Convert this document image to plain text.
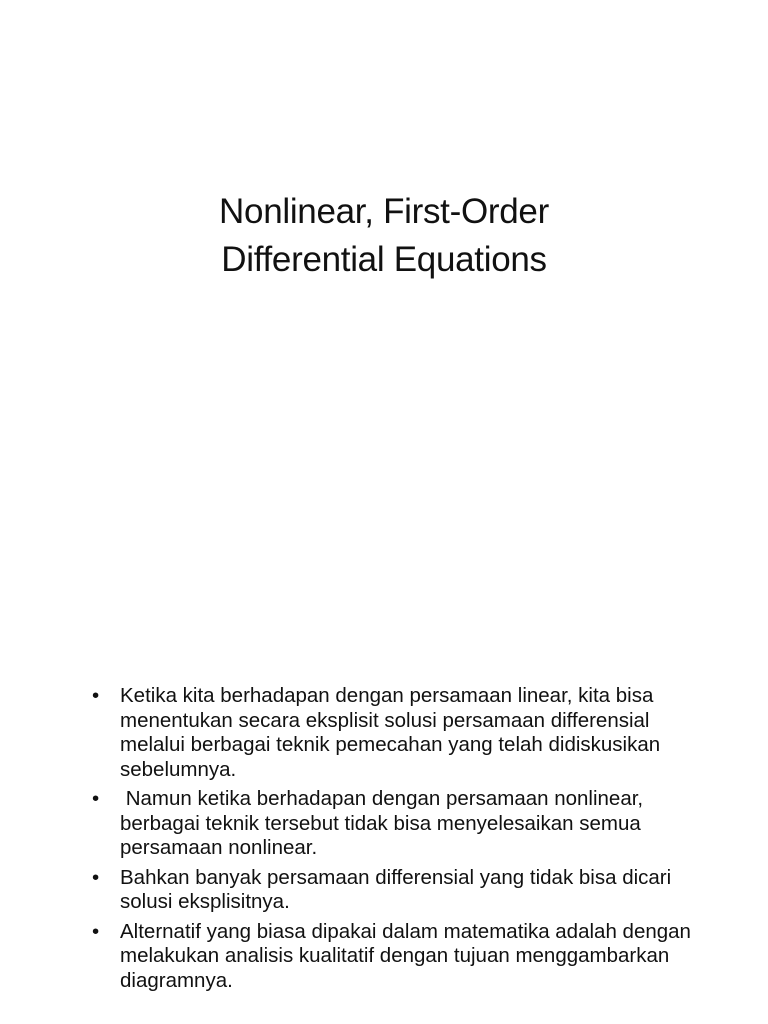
Nonlinear, First-Order
Differential Equations
•	Ketika kita berhadapan dengan persamaan linear, kita bisa menentukan secara eksplisit solusi persamaan differensial melalui berbagai teknik pemecahan yang telah didiskusikan sebelumnya.
•	Namun ketika berhadapan dengan persamaan nonlinear, berbagai teknik tersebut tidak bisa menyelesaikan semua persamaan nonlinear.
•	Bahkan banyak persamaan differensial yang tidak bisa dicari solusi eksplisitnya.
•	Alternatif yang biasa dipakai dalam matematika adalah dengan melakukan analisis kualitatif dengan tujuan menggambarkan diagramnya.
